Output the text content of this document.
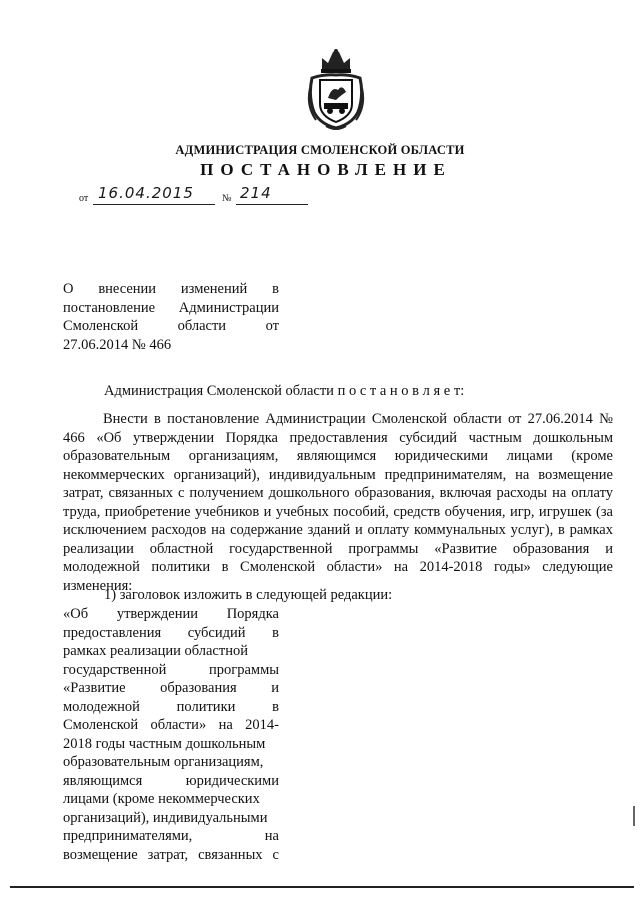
АДМИНИСТРАЦИЯ СМОЛЕНСКОЙ ОБЛАСТИ
ПОСТАНОВЛЕНИЕ
от 16.04.2015	№ 214
О внесении изменений в
постановление Администрации
Смоленской	области	от
27.06.2014 № 466
Администрация Смоленской области п о с т а н о в л я е т:
Внести в постановление Администрации Смоленской области от 27.06.2014 № 466 «Об утверждении Порядка предоставления субсидий частным дошкольным образовательным организациям, являющимся юридическими лицами (кроме некоммерческих организаций), индивидуальным предпринимателям, на возмещение затрат, связанных с получением дошкольного образования, включая расходы на оплату труда, приобретение учебников и учебных пособий, средств обучения, игр, игрушек (за исключением расходов на содержание зданий и оплату коммунальных услуг), в рамках реализации областной государственной программы «Развитие образования и молодежной политики в Смоленской области» на 2014-2018 годы» следующие изменения:
1) заголовок изложить в следующей редакции:
«Об утверждении Порядка
предоставления субсидий в
рамках реализации областной
государственной	программы
«Развитие образования и
молодежной	политики	в
Смоленской области» на 2014-
2018 годы частным дошкольным
образовательным организациям,
являющимся	юридическими
лицами (кроме некоммерческих
организаций), индивидуальными
предпринимателями,	на
возмещение затрат, связанных с
